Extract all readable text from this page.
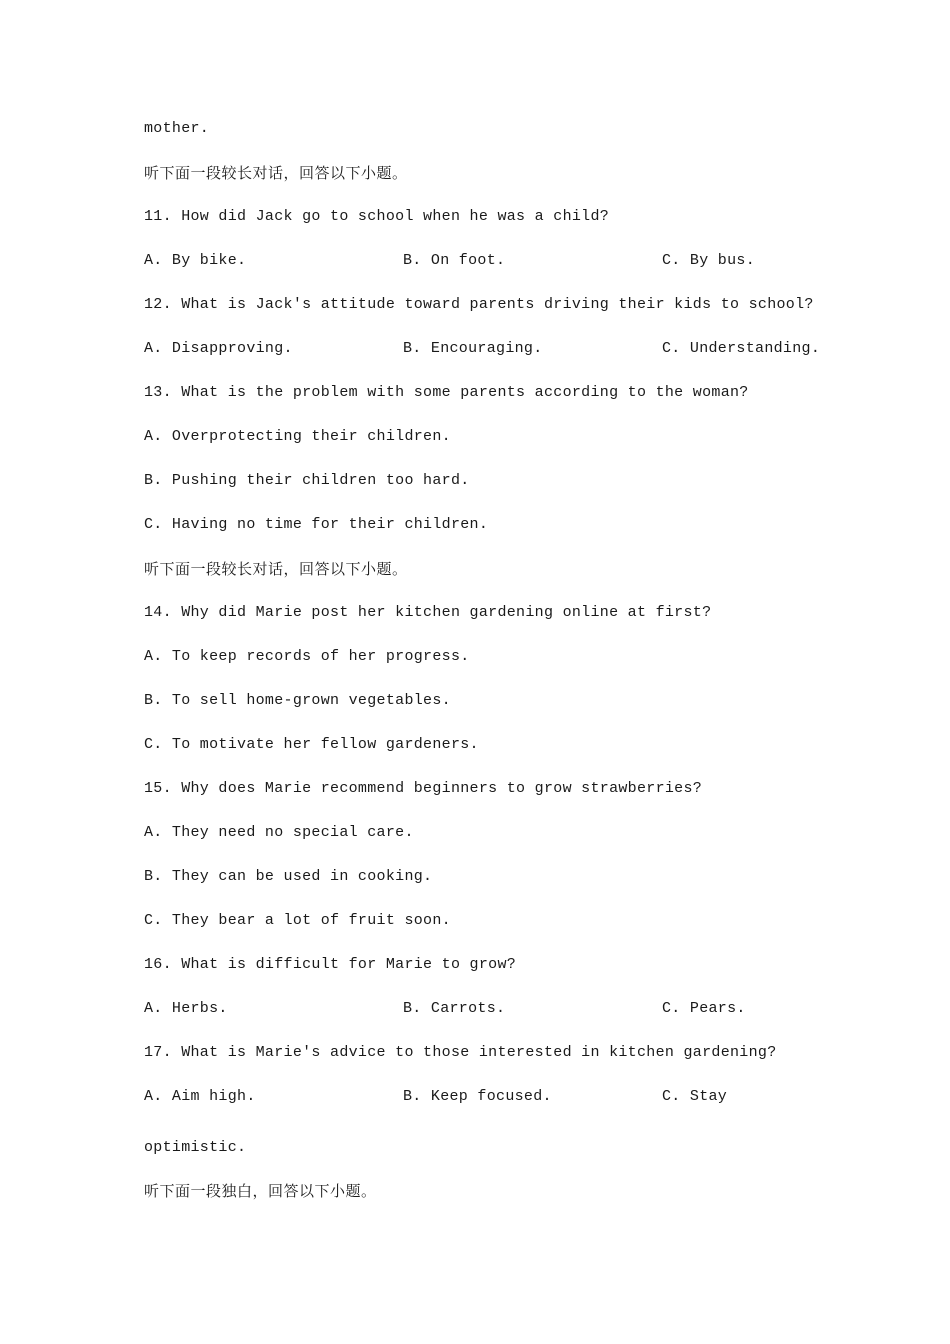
mother.
听下面一段较长对话，回答以下小题。
11. How did Jack go to school when he was a child?
A. By bike.	B. On foot.	C. By bus.
12. What is Jack's attitude toward parents driving their kids to school?
A. Disapproving.	B. Encouraging.	C. Understanding.
13. What is the problem with some parents according to the woman?
A. Overprotecting their children.
B. Pushing their children too hard.
C. Having no time for their children.
听下面一段较长对话，回答以下小题。
14. Why did Marie post her kitchen gardening online at first?
A. To keep records of her progress.
B. To sell home-grown vegetables.
C. To motivate her fellow gardeners.
15. Why does Marie recommend beginners to grow strawberries?
A. They need no special care.
B. They can be used in cooking.
C. They bear a lot of fruit soon.
16. What is difficult for Marie to grow?
A. Herbs.	B. Carrots.	C. Pears.
17. What is Marie's advice to those interested in kitchen gardening?
A. Aim high.	B. Keep focused.	C. Stay
optimistic.
听下面一段独白，回答以下小题。
